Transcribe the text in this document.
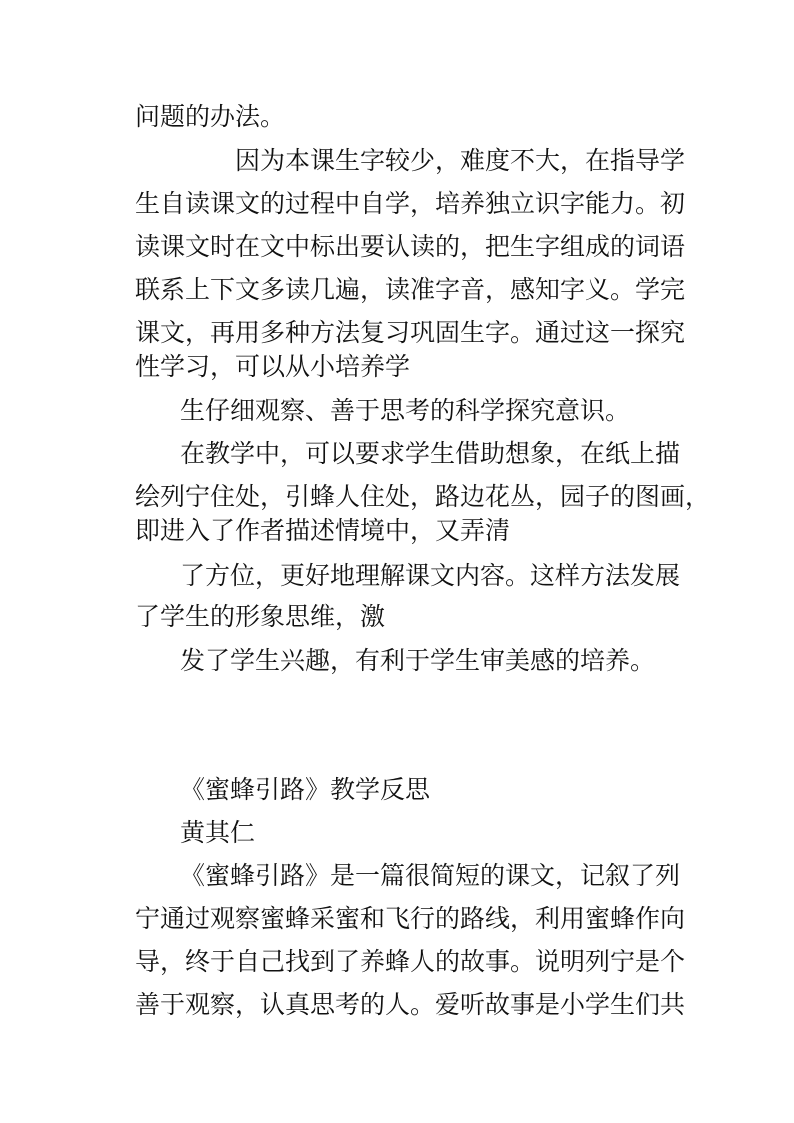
问题的办法。

因为本课生字较少，难度不大，在指导学

生自读课文的过程中自学，培养独立识字能力。初

读课文时在文中标出要认读的，把生字组成的词语

联系上下文多读几遍，读准字音，感知字义。学完

课文，再用多种方法复习巩固生字。通过这一探究

性学习，可以从小培养学

生仔细观察、善于思考的科学探究意识。

在教学中，可以要求学生借助想象，在纸上描

绘列宁住处，引蜂人住处，路边花丛，园子的图画，

即进入了作者描述情境中，又弄清

了方位，更好地理解课文内容。这样方法发展

了学生的形象思维，激

发了学生兴趣，有利于学生审美感的培养。

《蜜蜂引路》教学反思

黄其仁

《蜜蜂引路》是一篇很简短的课文，记叙了列

宁通过观察蜜蜂采蜜和飞行的路线，利用蜜蜂作向

导，终于自己找到了养蜂人的故事。说明列宁是个

善于观察，认真思考的人。爱听故事是小学生们共
